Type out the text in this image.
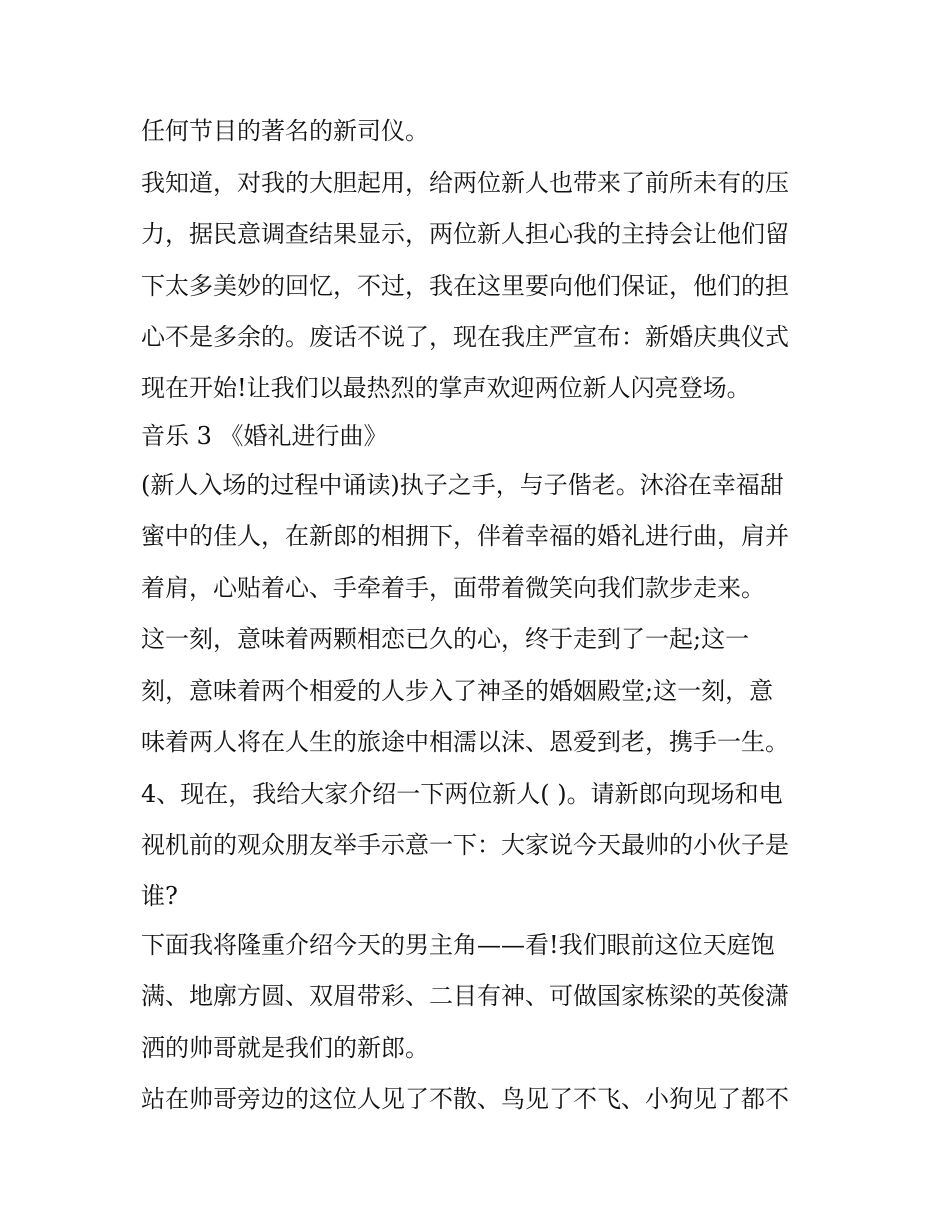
任何节目的著名的新司仪。
我知道，对我的大胆起用，给两位新人也带来了前所未有的压
力，据民意调查结果显示，两位新人担心我的主持会让他们留
下太多美妙的回忆，不过，我在这里要向他们保证，他们的担
心不是多余的。废话不说了，现在我庄严宣布：新婚庆典仪式
现在开始!让我们以最热烈的掌声欢迎两位新人闪亮登场。
音乐 3 《婚礼进行曲》
(新人入场的过程中诵读)执子之手，与子偕老。沐浴在幸福甜
蜜中的佳人，在新郎的相拥下，伴着幸福的婚礼进行曲，肩并
着肩，心贴着心、手牵着手，面带着微笑向我们款步走来。
这一刻，意味着两颗相恋已久的心，终于走到了一起;这一
刻，意味着两个相爱的人步入了神圣的婚姻殿堂;这一刻，意
味着两人将在人生的旅途中相濡以沫、恩爱到老，携手一生。
4、现在，我给大家介绍一下两位新人( )。请新郎向现场和电
视机前的观众朋友举手示意一下：大家说今天最帅的小伙子是
谁?
下面我将隆重介绍今天的男主角——看!我们眼前这位天庭饱
满、地廓方圆、双眉带彩、二目有神、可做国家栋梁的英俊潇
洒的帅哥就是我们的新郎。
站在帅哥旁边的这位人见了不散、鸟见了不飞、小狗见了都不
